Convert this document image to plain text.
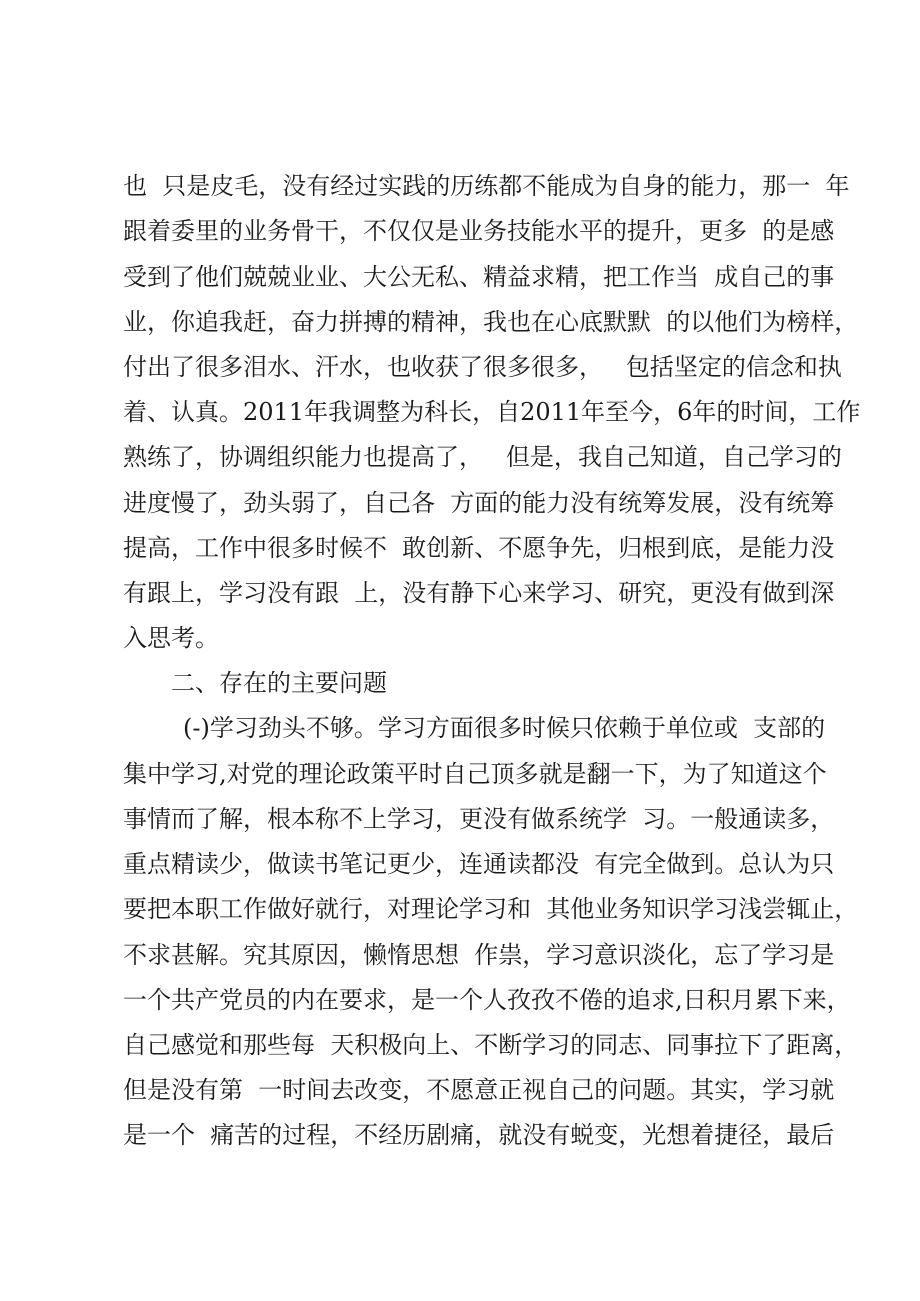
也  只是皮毛，没有经过实践的历练都不能成为自身的能力，那一  年
跟着委里的业务骨干，不仅仅是业务技能水平的提升，更多  的是感
受到了他们兢兢业业、大公无私、精益求精，把工作当  成自己的事
业，你追我赶，奋力拼搏的精神，我也在心底默默  的以他们为榜样，
付出了很多泪水、汗水，也收获了很多很多，   包括坚定的信念和执
着、认真。2011年我调整为科长，自2011年至今，6年的时间，工作
熟练了，协调组织能力也提高了，   但是，我自己知道，自己学习的
进度慢了，劲头弱了，自己各  方面的能力没有统筹发展，没有统筹
提高，工作中很多时候不  敢创新、不愿争先，归根到底，是能力没
有跟上，学习没有跟  上，没有静下心来学习、研究，更没有做到深
入思考。
二、存在的主要问题
(-)学习劲头不够。学习方面很多时候只依赖于单位或  支部的
集中学习,对党的理论政策平时自己顶多就是翻一下，为了知道这个
事情而了解，根本称不上学习，更没有做系统学  习。一般通读多，
重点精读少，做读书笔记更少，连通读都没  有完全做到。总认为只
要把本职工作做好就行，对理论学习和  其他业务知识学习浅尝辄止，
不求甚解。究其原因，懒惰思想  作祟，学习意识淡化，忘了学习是
一个共产党员的内在要求，是一个人孜孜不倦的追求,日积月累下来，
自己感觉和那些每  天积极向上、不断学习的同志、同事拉下了距离，
但是没有第  一时间去改变，不愿意正视自己的问题。其实，学习就
是一个  痛苦的过程，不经历剧痛，就没有蜕变，光想着捷径，最后
